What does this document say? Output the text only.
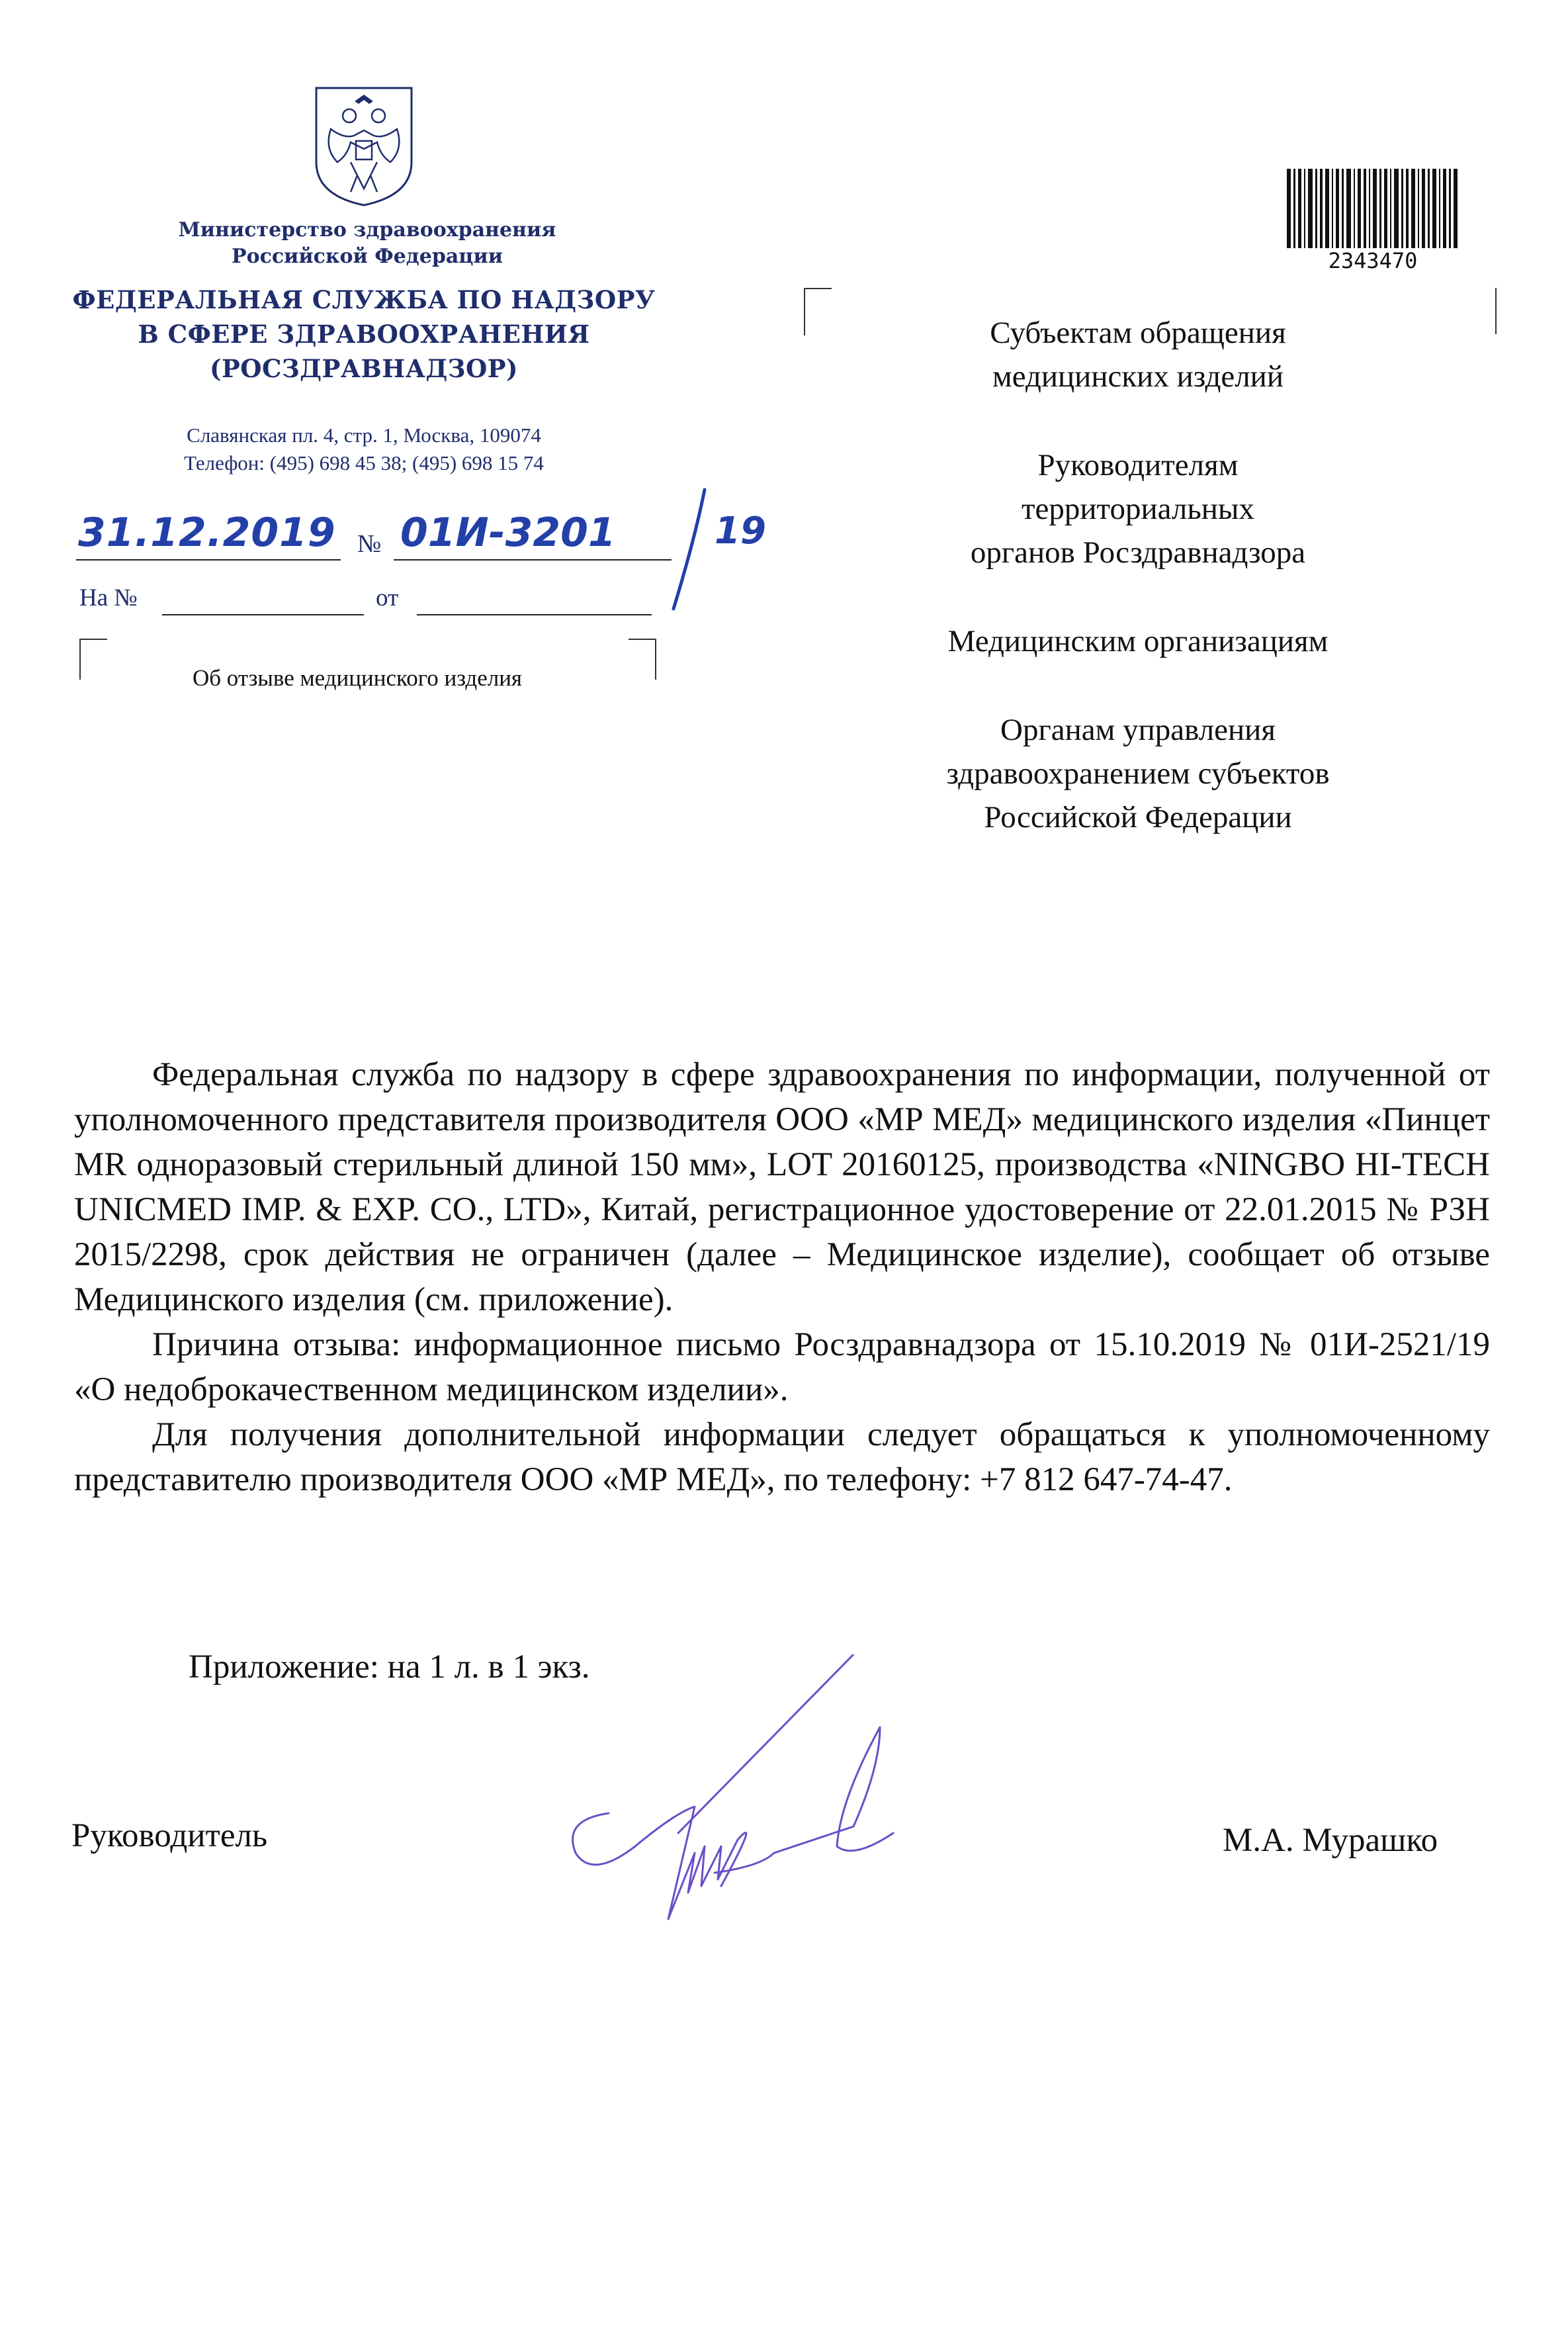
Министерство здравоохранения
Российской Федерации
ФЕДЕРАЛЬНАЯ СЛУЖБА ПО НАДЗОРУ
В СФЕРЕ ЗДРАВООХРАНЕНИЯ
(РОСЗДРАВНАДЗОР)
Славянская пл. 4, стр. 1, Москва, 109074
Телефон: (495) 698 45 38; (495) 698 15 74
31.12.2019 № 01И-3201	19
На №	от
Об отзыве медицинского изделия
2343470

Субъектам обращения
медицинских изделий

Руководителям
территориальных
органов Росздравнадзора

Медицинским организациям

Органам управления
здравоохранением субъектов
Российской Федерации

Федеральная служба по надзору в сфере здравоохранения по информации, полученной от уполномоченного представителя производителя ООО «МР МЕД» медицинского изделия «Пинцет MR одноразовый стерильный длиной 150 мм», LOT 20160125, производства «NINGBO HI-TECH UNICMED IMP. & EXP. CO., LTD», Китай, регистрационное удостоверение от 22.01.2015 № РЗН 2015/2298, срок действия не ограничен (далее – Медицинское изделие), сообщает об отзыве Медицинского изделия (см. приложение).

Причина отзыва: информационное письмо Росздравнадзора от 15.10.2019 № 01И-2521/19 «О недоброкачественном медицинском изделии».

Для получения дополнительной информации следует обращаться к уполномоченному представителю производителя ООО «МР МЕД», по телефону: +7 812 647-74-47.

Приложение: на 1 л. в 1 экз.
Руководитель	М.А. Мурашко
